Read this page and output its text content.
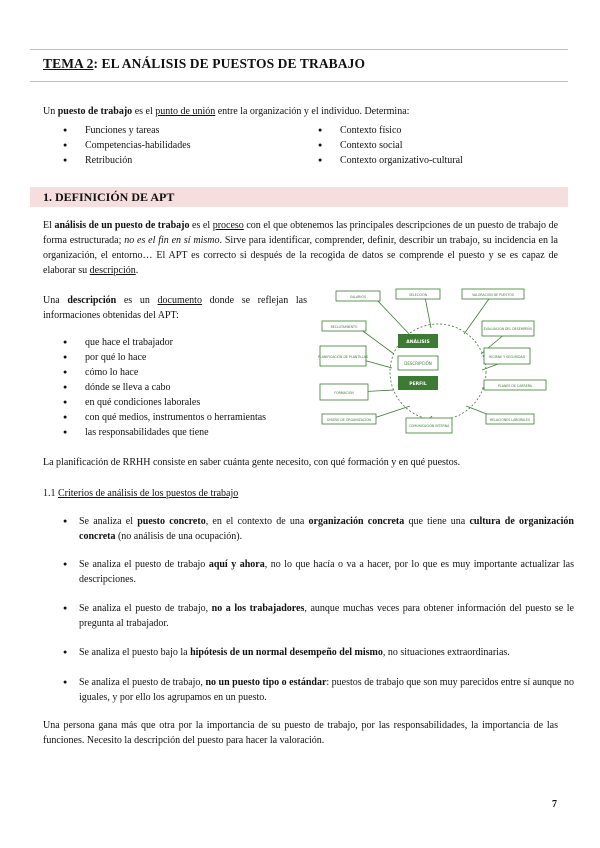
TEMA 2: EL ANÁLISIS DE PUESTOS DE TRABAJO
Un puesto de trabajo es el punto de unión entre la organización y el individuo. Determina:
● Funciones y tareas
● Competencias-habilidades
● Retribución
● Contexto físico
● Contexto social
● Contexto organizativo-cultural
1. DEFINICIÓN DE APT
El análisis de un puesto de trabajo es el proceso con el que obtenemos las principales descripciones de un puesto de trabajo de forma estructurada; no es el fin en sí mismo. Sirve para identificar, comprender, definir, describir un trabajo, su incidencia en la organización, el entorno… El APT es correcto si después de la recogida de datos se comprende el puesto y se es capaz de elaborar su descripción.
Una descripción es un documento donde se reflejan las informaciones obtenidas del APT:
● que hace el trabajador
● por qué lo hace
● cómo lo hace
● dónde se lleva a cabo
● en qué condiciones laborales
● con qué medios, instrumentos o herramientas
● las responsabilidades que tiene
SALARIOS	SELECCIÓN	VALORACIÓN DE PUESTOS
RECLUTAMIENTO	EVALUACIÓN DEL DESEMPEÑO
PLANIFICACIÓN DE PLANTILLAS	HIGIENE Y SEGURIDAD
FORMACIÓN
PLANES DE CARRERA
DISEÑO DE ORGANIZACIÓN
COMUNICACIÓN INTERNA
RELACIONES LABORALES
ANÁLISIS
DESCRIPCIÓN
PERFIL
La planificación de RRHH consiste en saber cuánta gente necesito, con qué formación y en qué puestos.
1.1 Criterios de análisis de los puestos de trabajo
● Se analiza el puesto concreto, en el contexto de una organización concreta que tiene una cultura de organización concreta (no análisis de una ocupación).
● Se analiza el puesto de trabajo aquí y ahora, no lo que hacía o va a hacer, por lo que es muy importante actualizar las descripciones.
● Se analiza el puesto de trabajo, no a los trabajadores, aunque muchas veces para obtener información del puesto se le pregunta al trabajador.
● Se analiza el puesto bajo la hipótesis de un normal desempeño del mismo, no situaciones extraordinarias.
● Se analiza el puesto de trabajo, no un puesto tipo o estándar: puestos de trabajo que son muy parecidos entre sí aunque no iguales, y por ello los agrupamos en un puesto.
Una persona gana más que otra por la importancia de su puesto de trabajo, por las responsabilidades, la importancia de las funciones. Necesito la descripción del puesto para hacer la valoración.
7
